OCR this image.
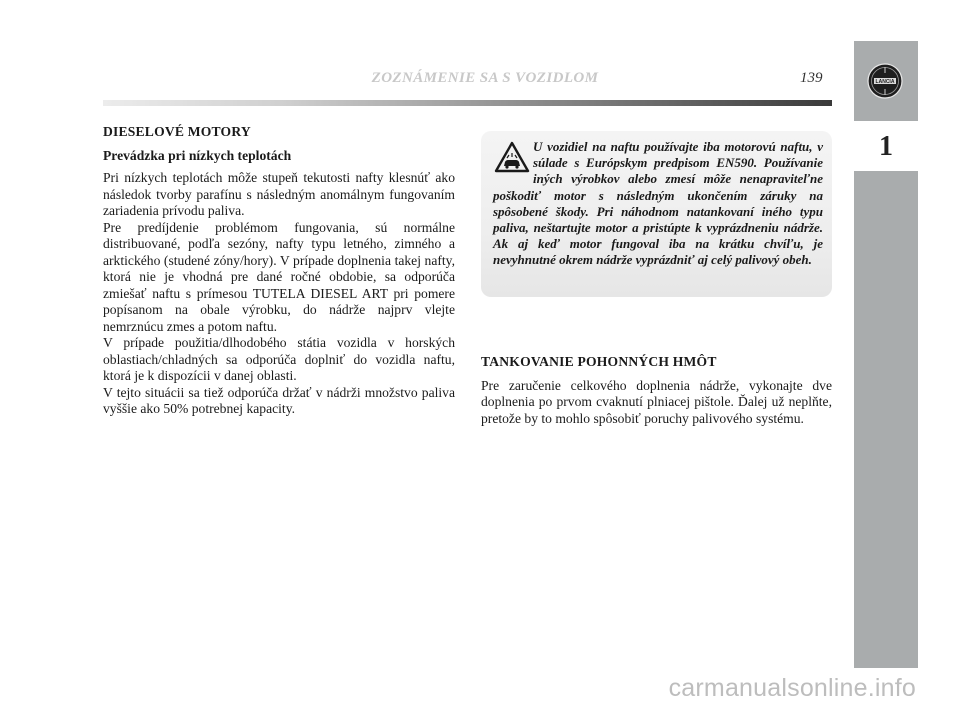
ZOZNÁMENIE SA S VOZIDLOM	139	LANCIA
1
DIESELOVÉ MOTORY
Prevádzka pri nízkych teplotách

Pri nízkych teplotách môže stupeň tekutosti nafty klesnúť ako následok tvorby parafínu s následným anomálnym fungovaním zariadenia prívodu paliva.

Pre predíjdenie problémom fungovania, sú normálne distribuované, podľa sezóny, nafty typu letného, zimného a arktického (studené zóny/hory). V prípade doplnenia takej nafty, ktorá nie je vhodná pre dané ročné obdobie, sa odporúča zmiešať naftu s prímesou TUTELA DIESEL ART pri pomere popísanom na obale výrobku, do nádrže najprv vlejte nemrznúcu zmes a potom naftu.

V prípade použitia/dlhodobého státia vozidla v horských oblastiach/chladných sa odporúča doplniť do vozidla naftu, ktorá je k dispozícii v danej oblasti.

V tejto situácii sa tiež odporúča držať v nádrži množstvo paliva vyššie ako 50% potrebnej kapacity.

U vozidiel na naftu používajte iba motorovú naftu, v súlade s Európskym predpisom EN590. Používanie iných výrobkov alebo zmesí môže nenapraviteľne poškodiť motor s následným ukončením záruky na spôsobené škody. Pri náhodnom natankovaní iného typu paliva, neštartujte motor a pristúpte k vyprázdneniu nádrže. Ak aj keď motor fungoval iba na krátku chvíľu, je nevyhnutné okrem nádrže vyprázdniť aj celý palivový obeh.
TANKOVANIE POHONNÝCH HMÔT

Pre zaručenie celkového doplnenia nádrže, vykonajte dve doplnenia po prvom cvaknutí plniacej pištole. Ďalej už neplňte, pretože by to mohlo spôsobiť poruchy palivového systému.

carmanualsonline.info
